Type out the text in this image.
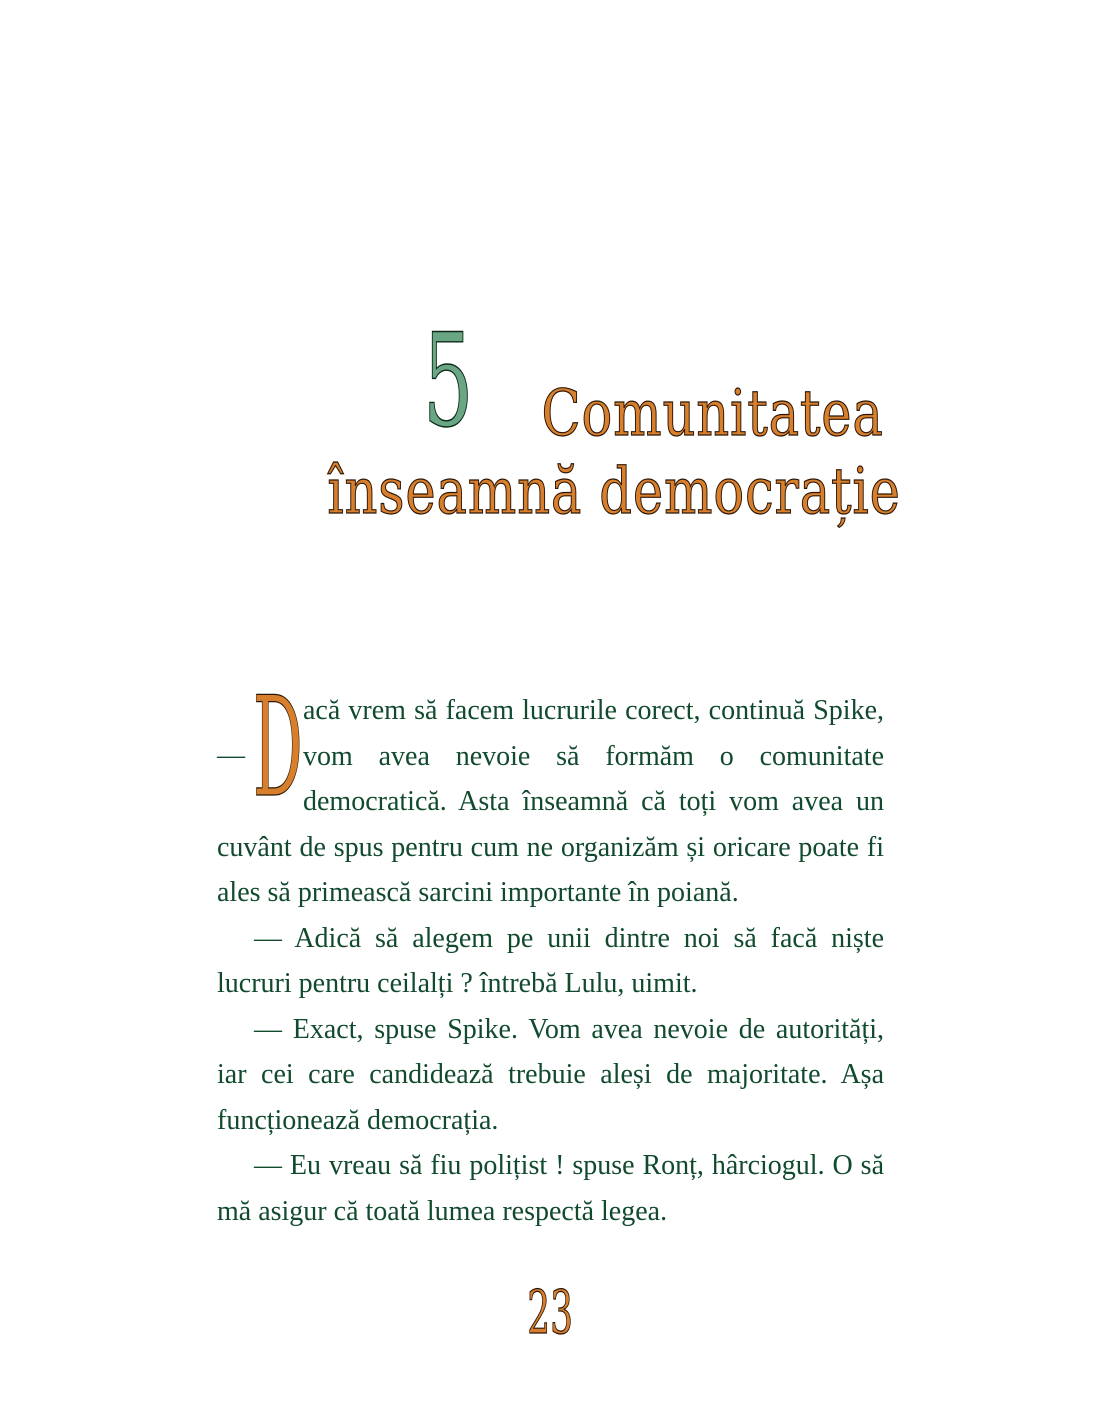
5 Comunitatea
înseamnă democrație

— D acă vrem să facem lucrurile corect, continuă Spike, vom avea nevoie să formăm o comunitate democratică. Asta înseamnă că toți vom avea un cuvânt de spus pentru cum ne organizăm și oricare poate fi ales să primească sarcini importante în poiană.

— Adică să alegem pe unii dintre noi să facă niște lucruri pentru ceilalți ? întrebă Lulu, uimit.

— Exact, spuse Spike. Vom avea nevoie de autorități, iar cei care candidează trebuie aleși de majoritate. Așa funcționează democrația.

— Eu vreau să fiu polițist ! spuse Ronț, hârciogul. O să mă asigur că toată lumea respectă legea.

23
